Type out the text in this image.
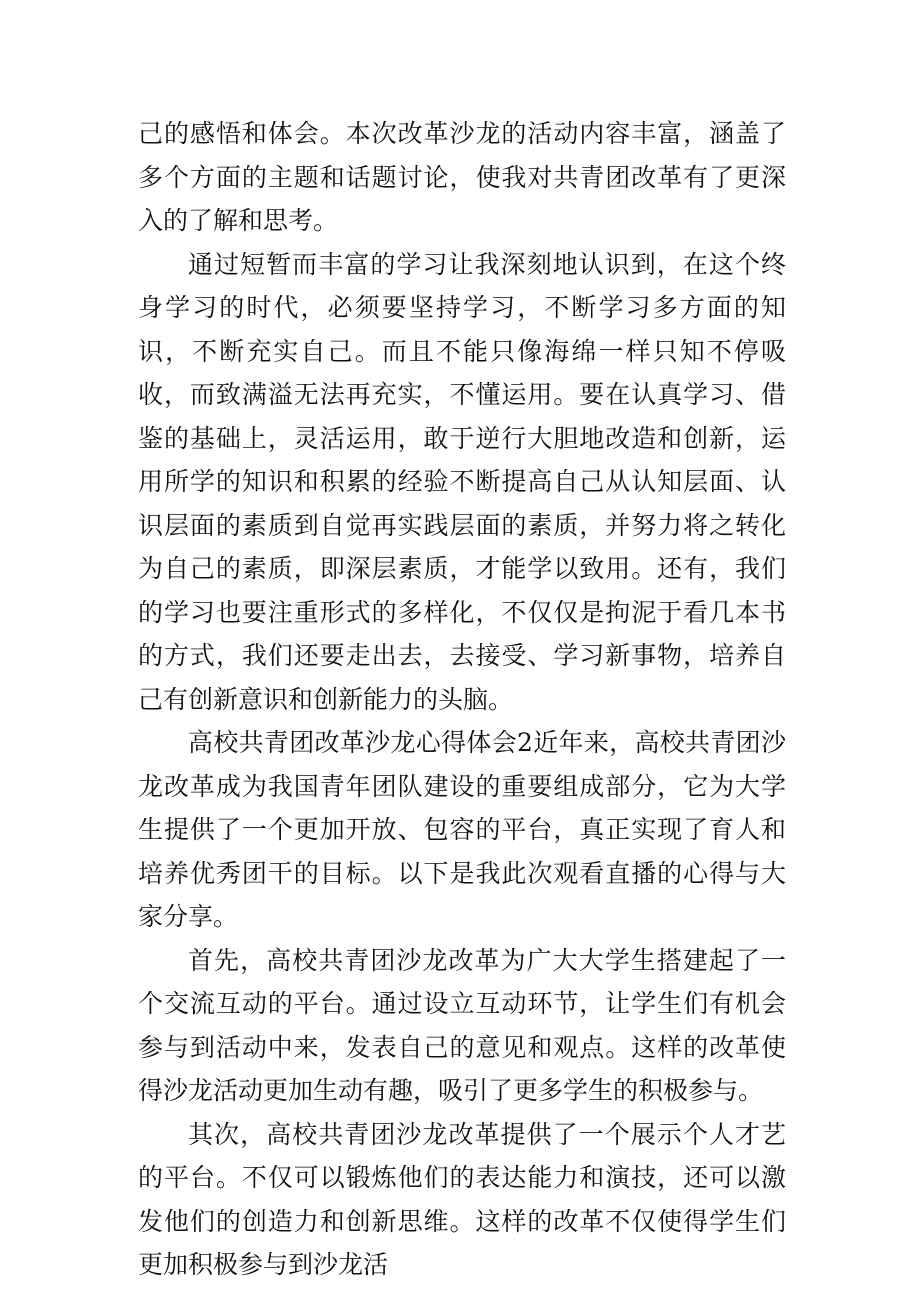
己的感悟和体会。本次改革沙龙的活动内容丰富，涵盖了多个方面的主题和话题讨论，使我对共青团改革有了更深入的了解和思考。

通过短暂而丰富的学习让我深刻地认识到，在这个终身学习的时代，必须要坚持学习，不断学习多方面的知识，不断充实自己。而且不能只像海绵一样只知不停吸收，而致满溢无法再充实，不懂运用。要在认真学习、借鉴的基础上，灵活运用，敢于逆行大胆地改造和创新，运用所学的知识和积累的经验不断提高自己从认知层面、认识层面的素质到自觉再实践层面的素质，并努力将之转化为自己的素质，即深层素质，才能学以致用。还有，我们的学习也要注重形式的多样化，不仅仅是拘泥于看几本书的方式，我们还要走出去，去接受、学习新事物，培养自己有创新意识和创新能力的头脑。

高校共青团改革沙龙心得体会2近年来，高校共青团沙龙改革成为我国青年团队建设的重要组成部分，它为大学生提供了一个更加开放、包容的平台，真正实现了育人和培养优秀团干的目标。以下是我此次观看直播的心得与大家分享。

首先，高校共青团沙龙改革为广大大学生搭建起了一个交流互动的平台。通过设立互动环节，让学生们有机会参与到活动中来，发表自己的意见和观点。这样的改革使得沙龙活动更加生动有趣，吸引了更多学生的积极参与。

其次，高校共青团沙龙改革提供了一个展示个人才艺的平台。不仅可以锻炼他们的表达能力和演技，还可以激发他们的创造力和创新思维。这样的改革不仅使得学生们更加积极参与到沙龙活
